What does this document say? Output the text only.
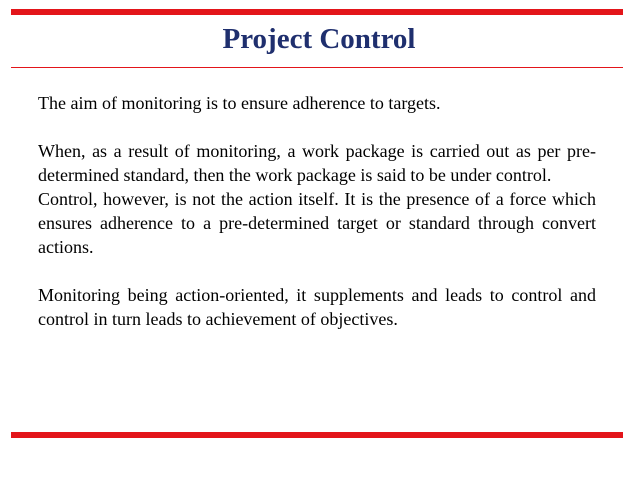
Project Control

The aim of monitoring is to ensure adherence to targets.

When, as a result of monitoring, a work package is carried out as per pre-determined standard, then the work package is said to be under control.

Control, however, is not the action itself. It is the presence of a force which ensures adherence to a pre-determined target or standard through convert actions.

Monitoring being action-oriented, it supplements and leads to control and control in turn leads to achievement of objectives.
